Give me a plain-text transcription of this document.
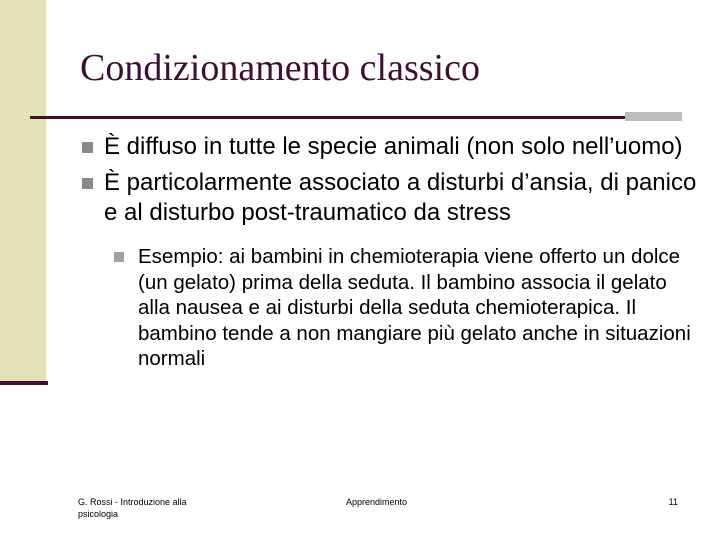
Condizionamento classico
È diffuso in tutte le specie animali (non solo nell’uomo)
È particolarmente associato a disturbi d’ansia, di panico e al disturbo post-traumatico da stress
Esempio: ai bambini in chemioterapia viene offerto un dolce (un gelato) prima della seduta. Il bambino associa il gelato alla nausea e ai disturbi della seduta chemioterapica. Il bambino tende a non mangiare più gelato anche in situazioni normali
G. Rossi - Introduzione alla psicologia
Apprendimento	11
